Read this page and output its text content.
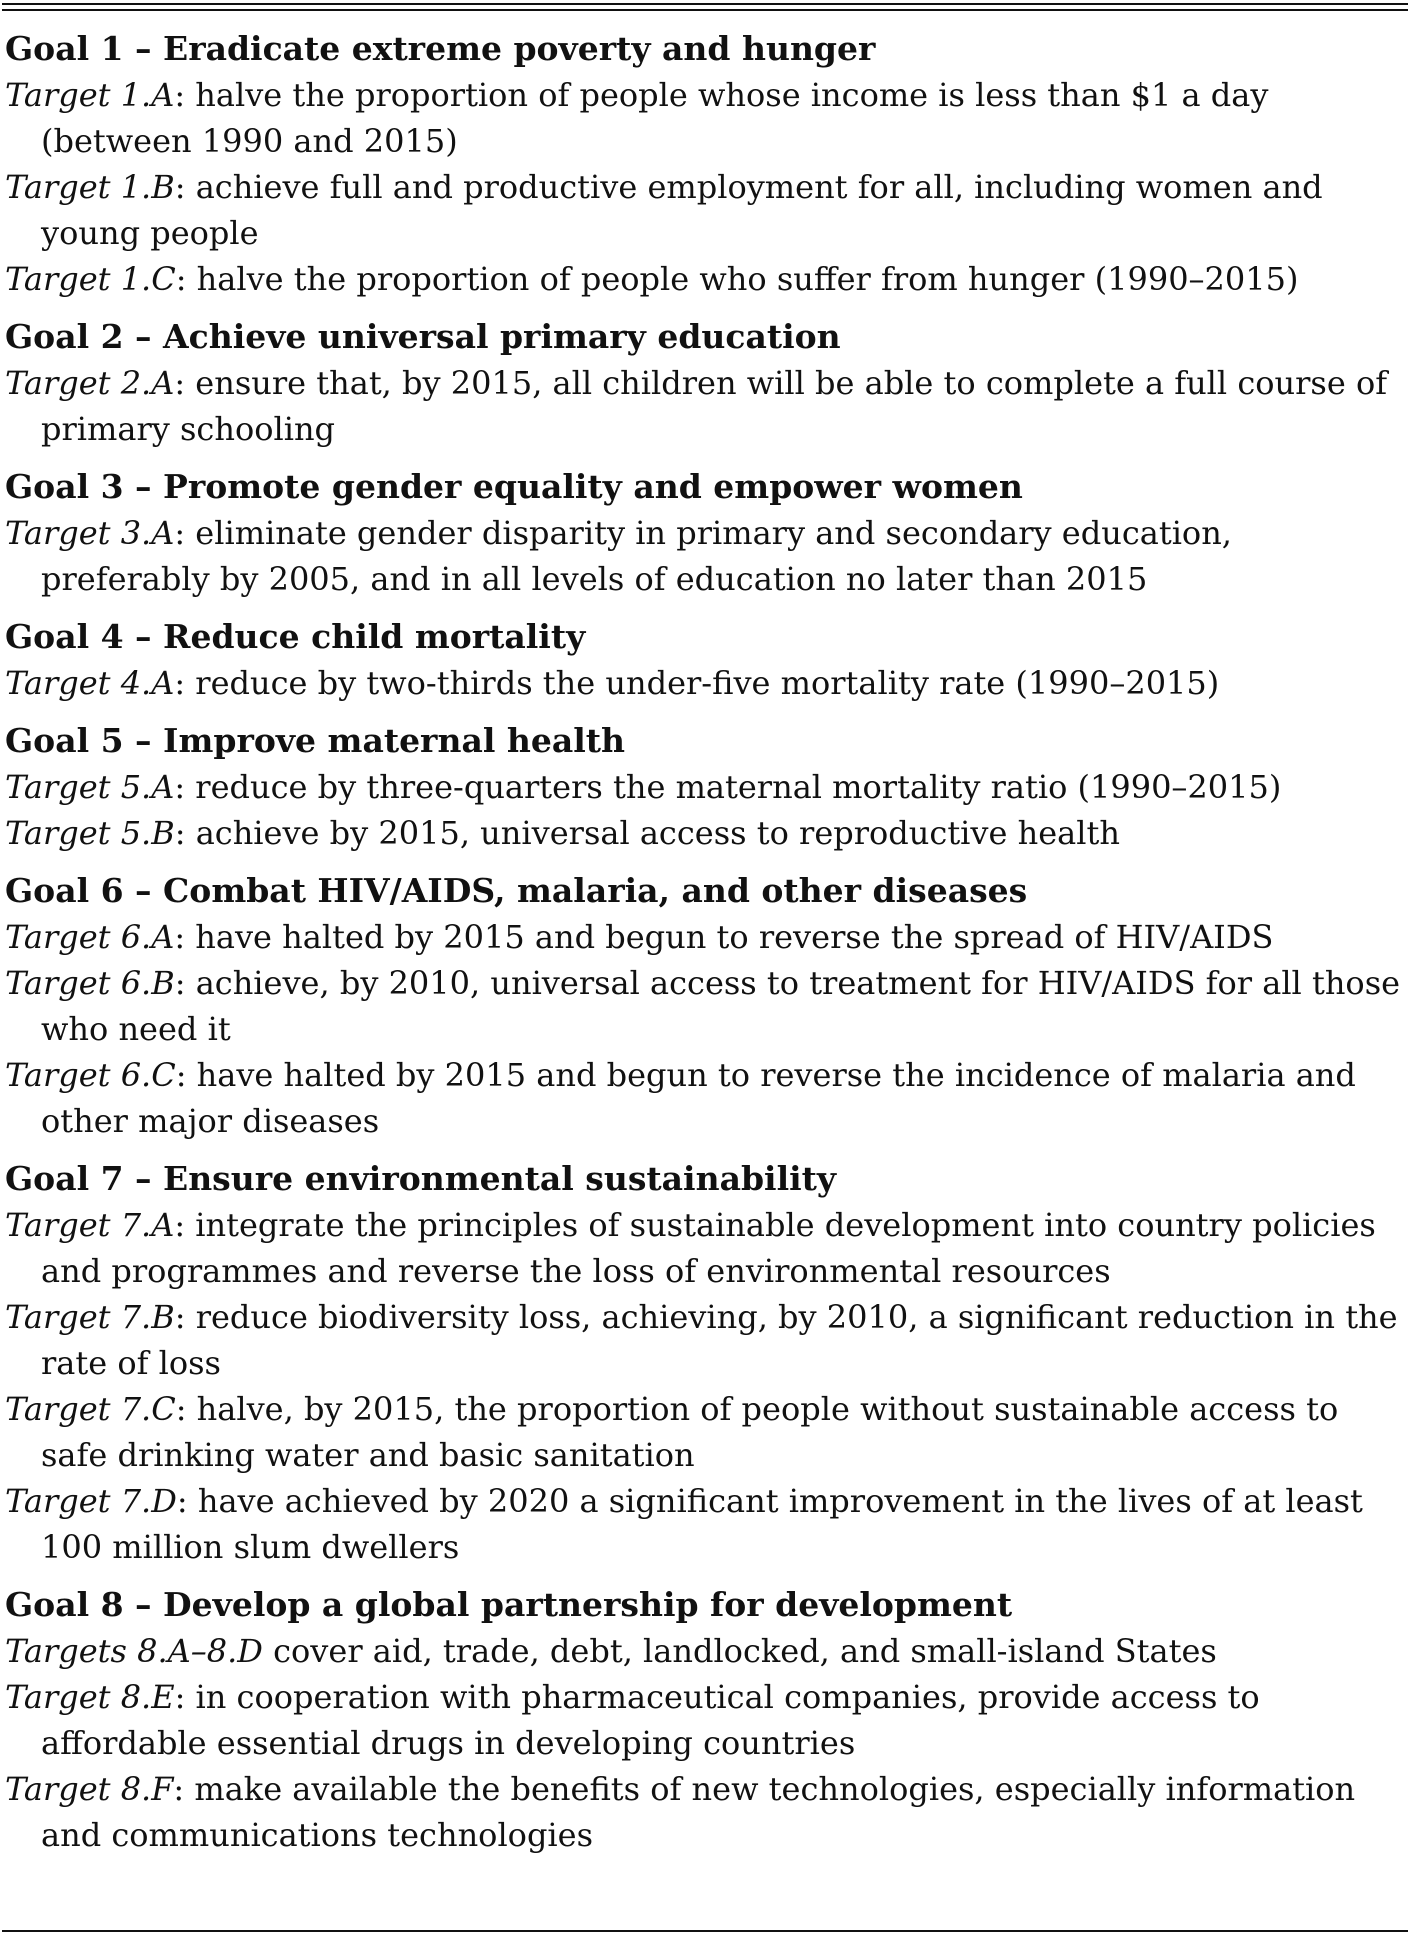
Goal 1 – Eradicate extreme poverty and hunger
Target 1.A: halve the proportion of people whose income is less than $1 a day (between 1990 and 2015)
Target 1.B: achieve full and productive employment for all, including women and young people
Target 1.C: halve the proportion of people who suffer from hunger (1990–2015)
Goal 2 – Achieve universal primary education
Target 2.A: ensure that, by 2015, all children will be able to complete a full course of primary schooling
Goal 3 – Promote gender equality and empower women
Target 3.A: eliminate gender disparity in primary and secondary education, preferably by 2005, and in all levels of education no later than 2015
Goal 4 – Reduce child mortality
Target 4.A: reduce by two-thirds the under-five mortality rate (1990–2015)
Goal 5 – Improve maternal health
Target 5.A: reduce by three-quarters the maternal mortality ratio (1990–2015)
Target 5.B: achieve by 2015, universal access to reproductive health
Goal 6 – Combat HIV/AIDS, malaria, and other diseases
Target 6.A: have halted by 2015 and begun to reverse the spread of HIV/AIDS
Target 6.B: achieve, by 2010, universal access to treatment for HIV/AIDS for all those who need it
Target 6.C: have halted by 2015 and begun to reverse the incidence of malaria and other major diseases
Goal 7 – Ensure environmental sustainability
Target 7.A: integrate the principles of sustainable development into country policies and programmes and reverse the loss of environmental resources
Target 7.B: reduce biodiversity loss, achieving, by 2010, a significant reduction in the rate of loss
Target 7.C: halve, by 2015, the proportion of people without sustainable access to safe drinking water and basic sanitation
Target 7.D: have achieved by 2020 a significant improvement in the lives of at least 100 million slum dwellers
Goal 8 – Develop a global partnership for development
Targets 8.A–8.D cover aid, trade, debt, landlocked, and small-island States
Target 8.E: in cooperation with pharmaceutical companies, provide access to affordable essential drugs in developing countries
Target 8.F: make available the benefits of new technologies, especially information and communications technologies
